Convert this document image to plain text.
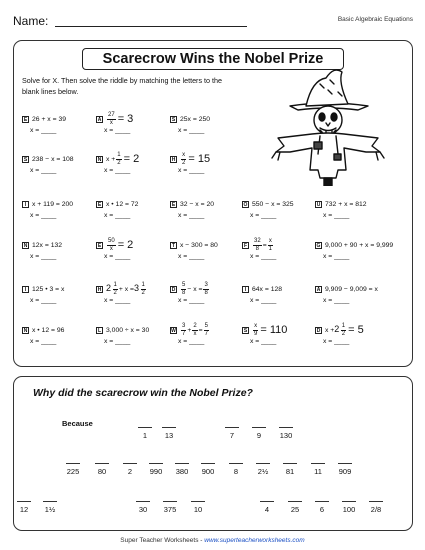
Name:	Basic Algebraic Equations
Scarecrow Wins the Nobel Prize
Solve for X. Then solve the riddle by matching the letters to the blank lines below.
E 26 + x = 39
x = ____
A $\frac{27}{x} = 3$
x = ____
S 25x = 250
x = ____
S 238 − x = 108
x = ____
N $x + \frac{1}{2} = 2$
x = ____
H $\frac{x}{2} = 15$
x = ____
I x + 119 = 200
x = ____
E x • 12 = 72
x = ____
E 32 − x = 20
x = ____
O 550 − x = 325
x = ____
U 732 + x = 812
x = ____
N 12x = 132
x = ____
E $\frac{50}{x} = 2$
x = ____
T x − 300 = 80
x = ____
F $\frac{32}{8} = \frac{x}{1}$
x = ____
G 9,000 + 90 + x = 9,999
x = ____
I 125 • 3 = x
x = ____
H $2 \frac{1}{2} + x = 3 \frac{1}{2}$
x = ____
D $\frac{5}{8} - x = \frac{3}{8}$
x = ____
I 64x = 128
x = ____
A 9,909 − 9,009 = x
x = ____
N x • 12 = 96
x = ____
L 3,000 ÷ x = 30
x = ____
W $\frac{3}{7} + \frac{2}{x} = \frac{5}{7}$
x = ____
S $\frac{x}{9} = 110$
x = ____
D $x + 2 \frac{1}{2} = 5$
x = ____
Why did the scarecrow win the Nobel Prize?
Because
1	13	7	9	130
225	80	2	990	380	900	8	2½	81	11	909
12	1½	30	375	10	4	25	6	100	2/8
Super Teacher Worksheets - www.superteacherworksheets.com
